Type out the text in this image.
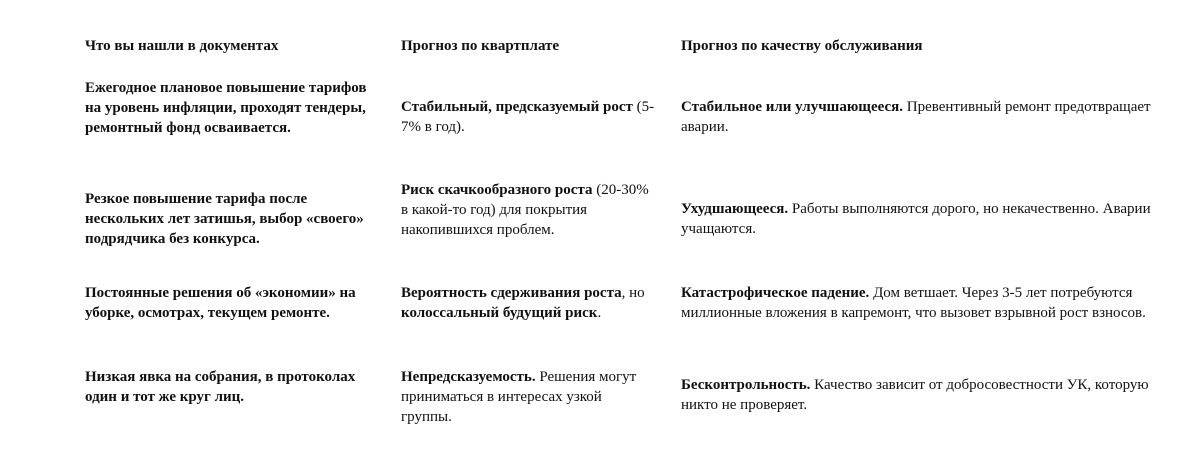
Что вы нашли в документах	Прогноз по квартплате	Прогноз по качеству обслуживания
Ежегодное плановое повышение тарифов на уровень инфляции, проходят тендеры, ремонтный фонд осваивается.
Стабильный, предсказуемый рост (5-7% в год).
Стабильное или улучшающееся. Превентивный ремонт предотвращает аварии.
Резкое повышение тарифа после нескольких лет затишья, выбор «своего» подрядчика без конкурса.
Риск скачкообразного роста (20-30% в какой-то год) для покрытия накопившихся проблем.
Ухудшающееся. Работы выполняются дорого, но некачественно. Аварии учащаются.
Постоянные решения об «экономии» на уборке, осмотрах, текущем ремонте.
Вероятность сдерживания роста, но колоссальный будущий риск.
Катастрофическое падение. Дом ветшает. Через 3-5 лет потребуются миллионные вложения в капремонт, что вызовет взрывной рост взносов.
Низкая явка на собрания, в протоколах один и тот же круг лиц.
Непредсказуемость. Решения могут приниматься в интересах узкой группы.
Бесконтрольность. Качество зависит от добросовестности УК, которую никто не проверяет.
